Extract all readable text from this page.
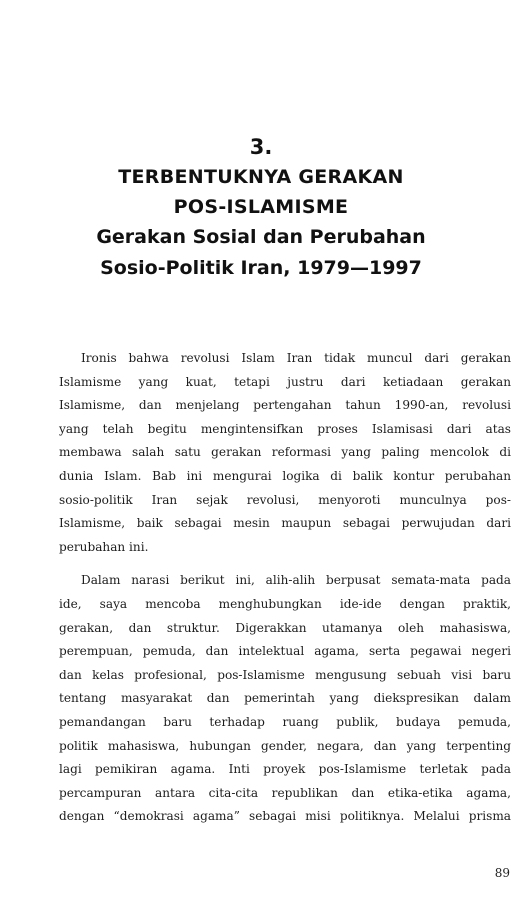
3.
TERBENTUKNYA GERAKAN
POS-ISLAMISME
Gerakan Sosial dan Perubahan
Sosio-Politik Iran, 1979—1997

Ironis bahwa revolusi Islam Iran tidak muncul dari gerakan
Islamisme yang kuat, tetapi justru dari ketiadaan gerakan
Islamisme, dan menjelang pertengahan tahun 1990-an, revolusi
yang telah begitu mengintensifkan proses Islamisasi dari atas
membawa salah satu gerakan reformasi yang paling mencolok di
dunia Islam. Bab ini mengurai logika di balik kontur perubahan
sosio-politik Iran sejak revolusi, menyoroti munculnya pos-
Islamisme, baik sebagai mesin maupun sebagai perwujudan dari
perubahan ini.

Dalam narasi berikut ini, alih-alih berpusat semata-mata pada
ide, saya mencoba menghubungkan ide-ide dengan praktik,
gerakan, dan struktur. Digerakkan utamanya oleh mahasiswa,
perempuan, pemuda, dan intelektual agama, serta pegawai negeri
dan kelas profesional, pos-Islamisme mengusung sebuah visi baru
tentang masyarakat dan pemerintah yang diekspresikan dalam
pemandangan baru terhadap ruang publik, budaya pemuda,
politik mahasiswa, hubungan gender, negara, dan yang terpenting
lagi pemikiran agama. Inti proyek pos-Islamisme terletak pada
percampuran antara cita-cita republikan dan etika-etika agama,
dengan “demokrasi agama” sebagai misi politiknya. Melalui prisma

89
